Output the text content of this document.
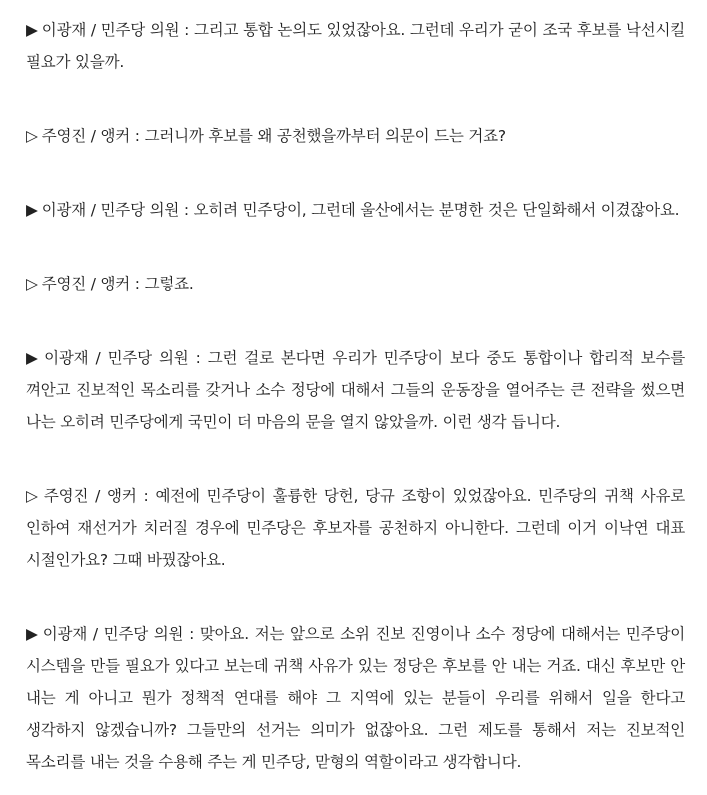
▶ 이광재 / 민주당 의원 : 그리고 통합 논의도 있었잖아요. 그런데 우리가 굳이 조국 후보를 낙선시킬 필요가 있을까.

▷ 주영진 / 앵커 : 그러니까 후보를 왜 공천했을까부터 의문이 드는 거죠?

▶ 이광재 / 민주당 의원 : 오히려 민주당이, 그런데 울산에서는 분명한 것은 단일화해서 이겼잖아요.

▷ 주영진 / 앵커 : 그렇죠.

▶ 이광재 / 민주당 의원 : 그런 걸로 본다면 우리가 민주당이 보다 중도 통합이나 합리적 보수를 껴안고 진보적인 목소리를 갖거나 소수 정당에 대해서 그들의 운동장을 열어주는 큰 전략을 썼으면 나는 오히려 민주당에게 국민이 더 마음의 문을 열지 않았을까. 이런 생각 듭니다.

▷ 주영진 / 앵커 : 예전에 민주당이 훌륭한 당헌, 당규 조항이 있었잖아요. 민주당의 귀책 사유로 인하여 재선거가 치러질 경우에 민주당은 후보자를 공천하지 아니한다. 그런데 이거 이낙연 대표 시절인가요? 그때 바꿨잖아요.

▶ 이광재 / 민주당 의원 : 맞아요. 저는 앞으로 소위 진보 진영이나 소수 정당에 대해서는 민주당이 시스템을 만들 필요가 있다고 보는데 귀책 사유가 있는 정당은 후보를 안 내는 거죠. 대신 후보만 안 내는 게 아니고 뭔가 정책적 연대를 해야 그 지역에 있는 분들이 우리를 위해서 일을 한다고 생각하지 않겠습니까? 그들만의 선거는 의미가 없잖아요. 그런 제도를 통해서 저는 진보적인 목소리를 내는 것을 수용해 주는 게 민주당, 맏형의 역할이라고 생각합니다.
